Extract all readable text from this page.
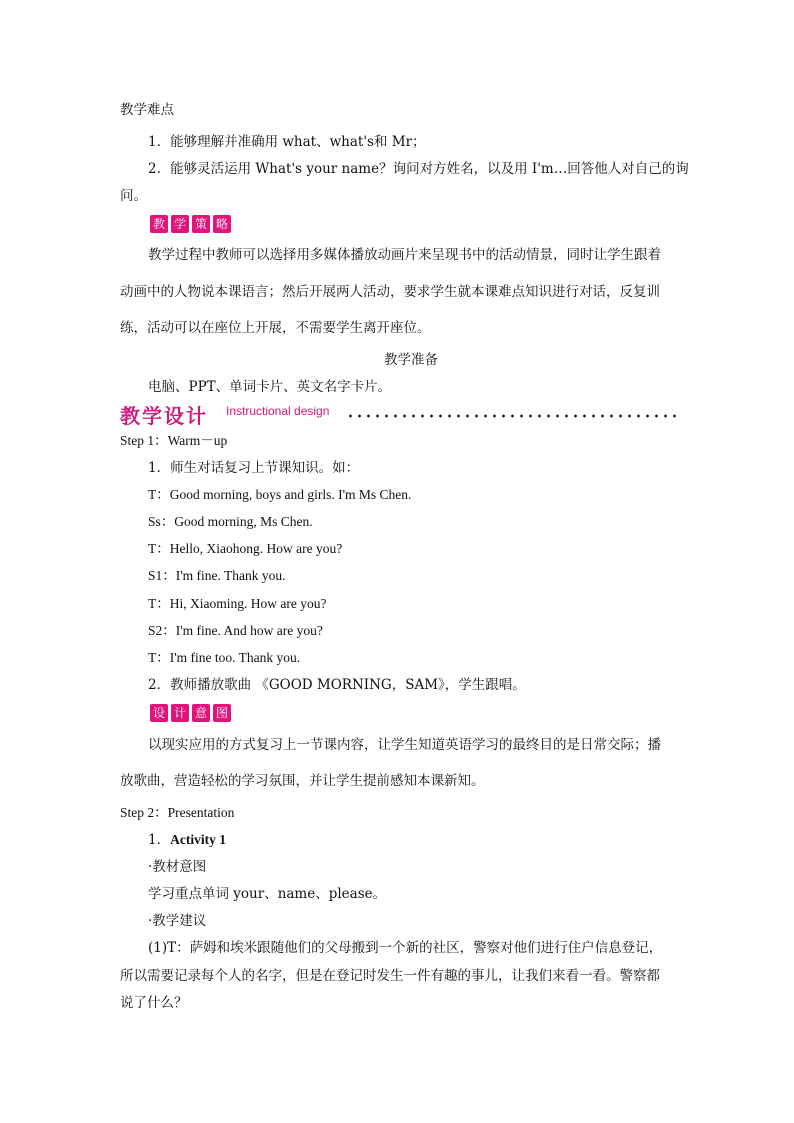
教学难点
1．能够理解并准确用 what、what's和 Mr；
2．能够灵活运用 What's your name？询问对方姓名，以及用 I'm…回答他人对自己的询
问。
教 学 策 略
教学过程中教师可以选择用多媒体播放动画片来呈现书中的活动情景，同时让学生跟着
动画中的人物说本课语言；然后开展两人活动，要求学生就本课难点知识进行对话，反复训
练，活动可以在座位上开展，不需要学生离开座位。
教学准备
电脑、PPT、单词卡片、英文名字卡片。
教学设计 Instructional design
Step 1：Warm－up
1．师生对话复习上节课知识。如：
T：Good morning, boys and girls. I'm Ms Chen.
Ss：Good morning, Ms Chen.
T：Hello, Xiaohong. How are you?
S1：I'm fine. Thank you.
T：Hi, Xiaoming. How are you?
S2：I'm fine. And how are you?
T：I'm fine too. Thank you.
2．教师播放歌曲 《GOOD MORNING，SAM》，学生跟唱。
设 计 意 图
以现实应用的方式复习上一节课内容，让学生知道英语学习的最终目的是日常交际；播
放歌曲，营造轻松的学习氛围，并让学生提前感知本课新知。
Step 2：Presentation
1．Activity 1
·教材意图
学习重点单词 your、name、please。
·教学建议
(1)T：萨姆和埃米跟随他们的父母搬到一个新的社区，警察对他们进行住户信息登记，
所以需要记录每个人的名字，但是在登记时发生一件有趣的事儿，让我们来看一看。警察都
说了什么？
